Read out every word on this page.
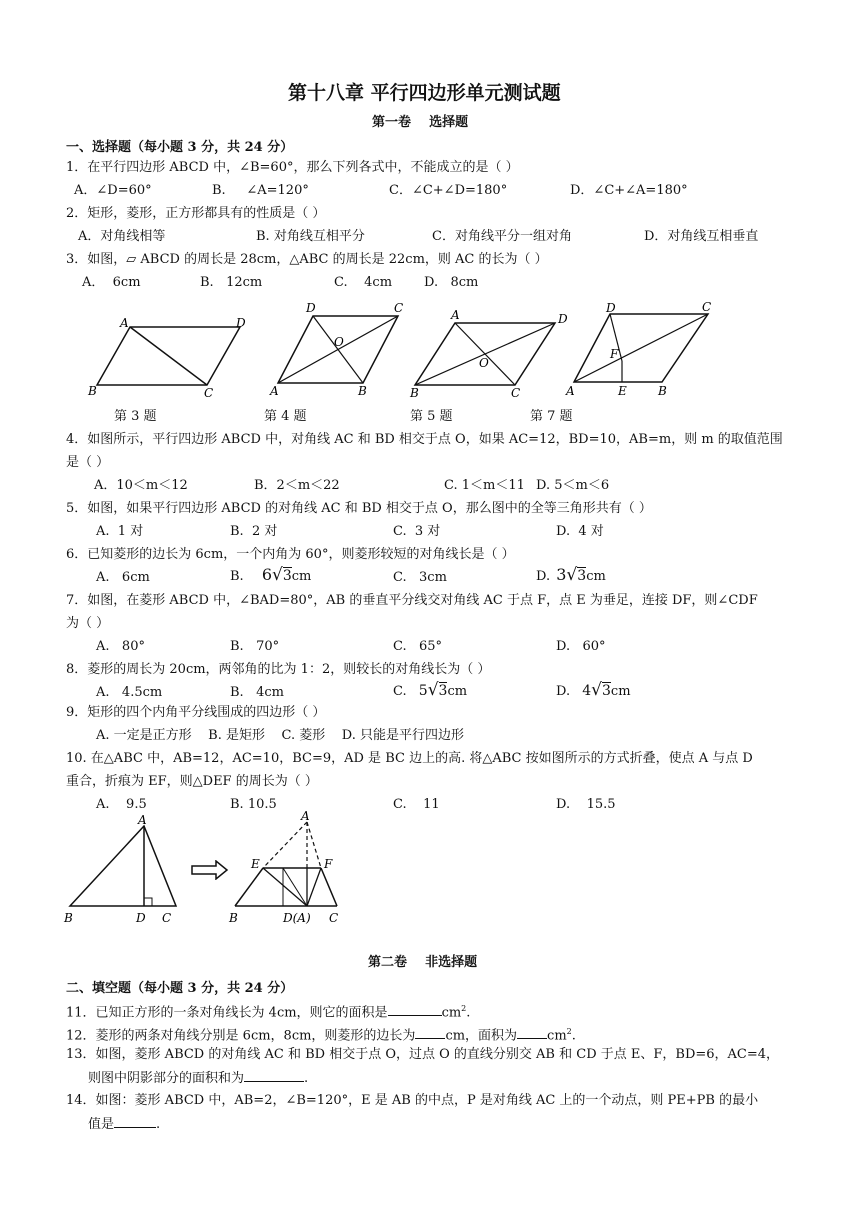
第十八章 平行四边形单元测试题
第一卷    选择题
一、选择题（每小题 3 分，共 24 分）
1．在平行四边形 ABCD 中，∠B=60°，那么下列各式中，不能成立的是（ ）
A．∠D=60°	B.     ∠A=120°	C．∠C+∠D=180°	D．∠C+∠A=180°
2．矩形，菱形，正方形都具有的性质是（ ）
A．对角线相等	B. 对角线互相平分	C．对角线平分一组对角	D．对角线互相垂直
3．如图，▱ ABCD 的周长是 28cm，△ABC 的周长是 22cm，则 AC 的长为（ ）
A．  6cm	B.   12cm	C.    4cm D.   8cm
A	D
B	C
D	C
O
A	B
A	D
O
B	C
D	C
F
A	E	B
第 3 题	第 4 题	第 5 题	第 7 题
4．如图所示，平行四边形 ABCD 中，对角线 AC 和 BD 相交于点 O，如果 AC=12，BD=10，AB=m，则 m 的取值范围
是（ ）
A．10＜m＜12	B．2＜m＜22	C. 1＜m＜11 D. 5＜m＜6
5．如图，如果平行四边形 ABCD 的对角线 AC 和 BD 相交于点 O，那么图中的全等三角形共有（ ）
A.  1 对	B.  2 对	C.  3 对	D.  4 对
6．已知菱形的边长为 6cm，一个内角为 60°，则菱形较短的对角线长是（ ）
A.   6cm	B. 6√3cm	C.   3cm	D. 3√3cm
7．如图，在菱形 ABCD 中，∠BAD=80°，AB 的垂直平分线交对角线 AC 于点 F，点 E 为垂足，连接 DF，则∠CDF
为（ ）
A.   80°	B.   70°	C.   65°	D.   60°
8．菱形的周长为 20cm，两邻角的比为 1：2，则较长的对角线长为（ ）
A.   4.5cm	B.   4cm	C. 5√3cm	D. 4√3cm
9．矩形的四个内角平分线围成的四边形（ ）
A. 一定是正方形    B. 是矩形    C. 菱形    D. 只能是平行四边形
10. 在△ABC 中，AB=12，AC=10，BC=9，AD 是 BC 边上的高. 将△ABC 按如图所示的方式折叠，使点 A 与点 D
重合，折痕为 EF，则△DEF 的周长为（ ）
A.    9.5	B. 10.5	C.    11	D.    15.5
A
B	D C
A
E	F
B	D(A) C
第二卷    非选择题
二、填空题（每小题 3 分，共 24 分）
11．已知正方形的一条对角线长为 4cm，则它的面积是	$cm^2$.
12．菱形的两条对角线分别是 6cm，8cm，则菱形的边长为 cm，面积为 $cm^2$.
13．如图，菱形 ABCD 的对角线 AC 和 BD 相交于点 O，过点 O 的直线分别交 AB 和 CD 于点 E、F，BD=6，AC=4，
则图中阴影部分的面积和为	.
14．如图：菱形 ABCD 中，AB=2，∠B=120°，E 是 AB 的中点，P 是对角线 AC 上的一个动点，则 PE+PB 的最小
值是	.
